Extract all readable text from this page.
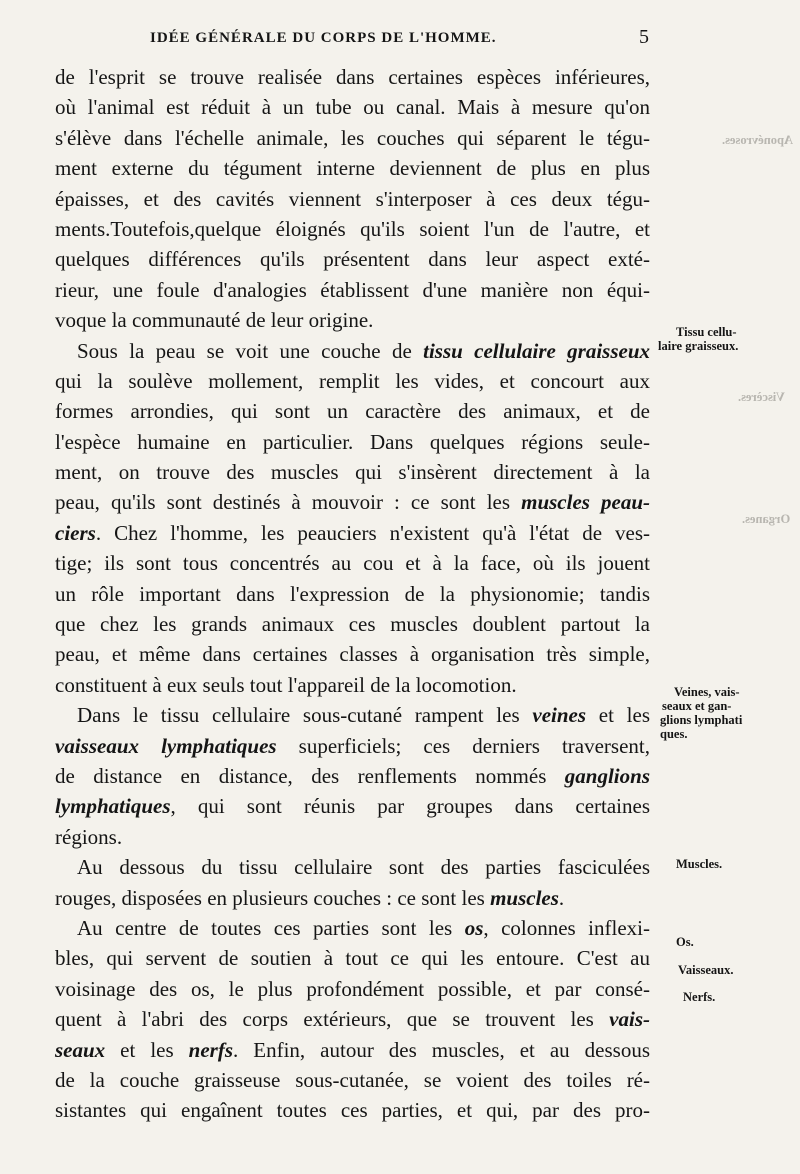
IDÉE GÉNÉRALE DU CORPS DE L'HOMME.	5
de l'esprit se trouve realisée dans certaines espèces inférieures,
où l'animal est réduit à un tube ou canal. Mais à mesure qu'on
s'élève dans l'échelle animale, les couches qui séparent le tégu-
ment externe du tégument interne deviennent de plus en plus
épaisses, et des cavités viennent s'interposer à ces deux tégu-
ments.Toutefois,quelque éloignés qu'ils soient l'un de l'autre, et
quelques différences qu'ils présentent dans leur aspect exté-
rieur, une foule d'analogies établissent d'une manière non équi-
voque la communauté de leur origine.
Sous la peau se voit une couche de tissu cellulaire graisseux
qui la soulève mollement, remplit les vides, et concourt aux
formes arrondies, qui sont un caractère des animaux, et de
l'espèce humaine en particulier. Dans quelques régions seule-
ment, on trouve des muscles qui s'insèrent directement à la
peau, qu'ils sont destinés à mouvoir : ce sont les muscles peau-
ciers. Chez l'homme, les peauciers n'existent qu'à l'état de ves-
tige; ils sont tous concentrés au cou et à la face, où ils jouent
un rôle important dans l'expression de la physionomie; tandis
que chez les grands animaux ces muscles doublent partout la
peau, et même dans certaines classes à organisation très simple,
constituent à eux seuls tout l'appareil de la locomotion.
Dans le tissu cellulaire sous-cutané rampent les veines et les
vaisseaux lymphatiques superficiels; ces derniers traversent,
de distance en distance, des renflements nommés ganglions
lymphatiques, qui sont réunis par groupes dans certaines
régions.
Au dessous du tissu cellulaire sont des parties fasciculées
rouges, disposées en plusieurs couches : ce sont les muscles.
Au centre de toutes ces parties sont les os, colonnes inflexi-
bles, qui servent de soutien à tout ce qui les entoure. C'est au
voisinage des os, le plus profondément possible, et par consé-
quent à l'abri des corps extérieurs, que se trouvent les vais-
seaux et les nerfs. Enfin, autour des muscles, et au dessous
de la couche graisseuse sous-cutanée, se voient des toiles ré-
sistantes qui engaînent toutes ces parties, et qui, par des pro-
Tissu cellu-
laire graisseux.
Veines, vais-
seaux et gan-
glions lymphati
ques.
Muscles.
Os.
Vaisseaux.
Nerfs.
Aponévroses.
Viscères.
Organes.
